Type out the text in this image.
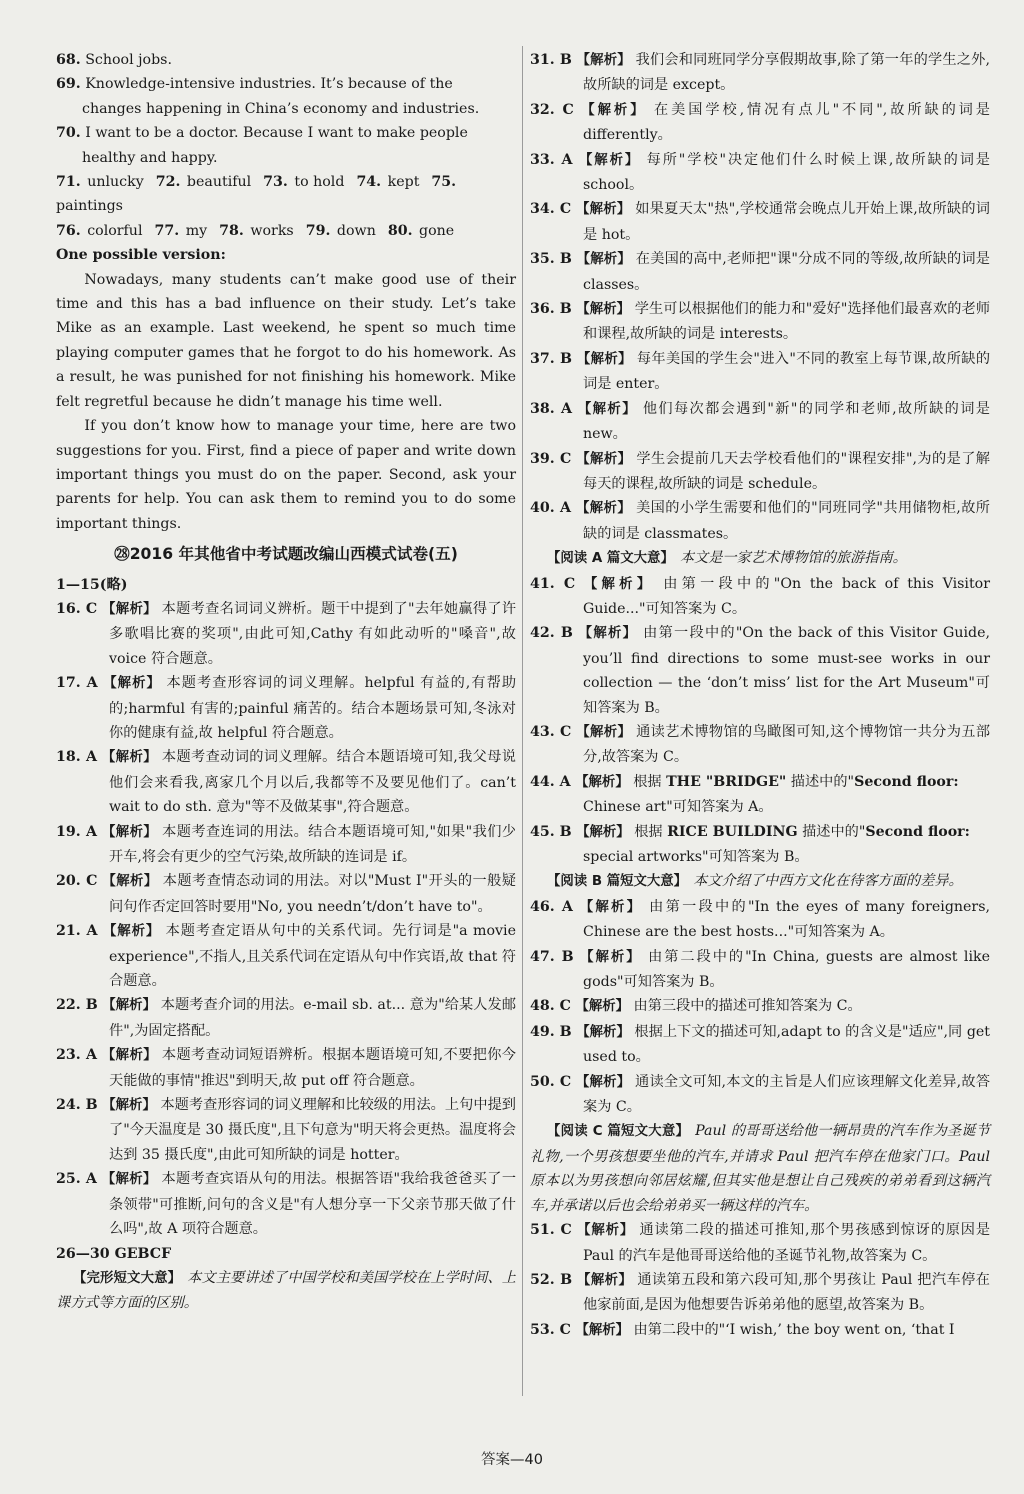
68. School jobs.

69. Knowledge-intensive industries. It’s because of the changes happening in China’s economy and industries.

70. I want to be a doctor. Because I want to make people healthy and happy.

71. unlucky 72. beautiful 73. to hold 74. kept 75. paintings

76. colorful 77. my 78. works 79. down 80. gone

One possible version:

Nowadays, many students can’t make good use of their time and this has a bad influence on their study. Let’s take Mike as an example. Last weekend, he spent so much time playing computer games that he forgot to do his homework. As a result, he was punished for not finishing his homework. Mike felt regretful because he didn’t manage his time well.

If you don’t know how to manage your time, here are two suggestions for you. First, find a piece of paper and write down important things you must do on the paper. Second, ask your parents for help. You can ask them to remind you to do some important things.

㉘2016 年其他省中考试题改编山西模式试卷(五)

1—15(略)

16. C 【解析】 本题考查名词词义辨析。题干中提到了"去年她赢得了许多歌唱比赛的奖项",由此可知,Cathy 有如此动听的"嗓音",故 voice 符合题意。

17. A 【解析】 本题考查形容词的词义理解。helpful 有益的,有帮助的;harmful 有害的;painful 痛苦的。结合本题场景可知,冬泳对你的健康有益,故 helpful 符合题意。

18. A 【解析】 本题考查动词的词义理解。结合本题语境可知,我父母说他们会来看我,离家几个月以后,我都等不及要见他们了。can’t wait to do sth. 意为"等不及做某事",符合题意。

19. A 【解析】 本题考查连词的用法。结合本题语境可知,"如果"我们少开车,将会有更少的空气污染,故所缺的连词是 if。

20. C 【解析】 本题考查情态动词的用法。对以"Must I"开头的一般疑问句作否定回答时要用"No, you needn’t/don’t have to"。

21. A 【解析】 本题考查定语从句中的关系代词。先行词是"a movie experience",不指人,且关系代词在定语从句中作宾语,故 that 符合题意。

22. B 【解析】 本题考查介词的用法。e-mail sb. at... 意为"给某人发邮件",为固定搭配。

23. A 【解析】 本题考查动词短语辨析。根据本题语境可知,不要把你今天能做的事情"推迟"到明天,故 put off 符合题意。

24. B 【解析】 本题考查形容词的词义理解和比较级的用法。上句中提到了"今天温度是 30 摄氏度",且下句意为"明天将会更热。温度将会达到 35 摄氏度",由此可知所缺的词是 hotter。

25. A 【解析】 本题考查宾语从句的用法。根据答语"我给我爸爸买了一条领带"可推断,问句的含义是"有人想分享一下父亲节那天做了什么吗",故 A 项符合题意。

26—30 GEBCF

【完形短文大意】 本文主要讲述了中国学校和美国学校在上学时间、上课方式等方面的区别。

31. B 【解析】 我们会和同班同学分享假期故事,除了第一年的学生之外,故所缺的词是 except。

32. C 【解析】 在美国学校,情况有点儿"不同",故所缺的词是 differently。

33. A 【解析】 每所"学校"决定他们什么时候上课,故所缺的词是 school。

34. C 【解析】 如果夏天太"热",学校通常会晚点儿开始上课,故所缺的词是 hot。

35. B 【解析】 在美国的高中,老师把"课"分成不同的等级,故所缺的词是 classes。

36. B 【解析】 学生可以根据他们的能力和"爱好"选择他们最喜欢的老师和课程,故所缺的词是 interests。

37. B 【解析】 每年美国的学生会"进入"不同的教室上每节课,故所缺的词是 enter。

38. A 【解析】 他们每次都会遇到"新"的同学和老师,故所缺的词是 new。

39. C 【解析】 学生会提前几天去学校看他们的"课程安排",为的是了解每天的课程,故所缺的词是 schedule。

40. A 【解析】 美国的小学生需要和他们的"同班同学"共用储物柜,故所缺的词是 classmates。

【阅读 A 篇文大意】 本文是一家艺术博物馆的旅游指南。

41. C 【解析】 由第一段中的"On the back of this Visitor Guide..."可知答案为 C。

42. B 【解析】 由第一段中的"On the back of this Visitor Guide, you’ll find directions to some must-see works in our collection — the ‘don’t miss’ list for the Art Museum"可知答案为 B。

43. C 【解析】 通读艺术博物馆的鸟瞰图可知,这个博物馆一共分为五部分,故答案为 C。

44. A 【解析】 根据 THE "BRIDGE" 描述中的"Second floor: Chinese art"可知答案为 A。

45. B 【解析】 根据 RICE BUILDING 描述中的"Second floor: special artworks"可知答案为 B。

【阅读 B 篇短文大意】 本文介绍了中西方文化在待客方面的差异。

46. A 【解析】 由第一段中的"In the eyes of many foreigners, Chinese are the best hosts..."可知答案为 A。

47. B 【解析】 由第二段中的"In China, guests are almost like gods"可知答案为 B。

48. C 【解析】 由第三段中的描述可推知答案为 C。

49. B 【解析】 根据上下文的描述可知,adapt to 的含义是"适应",同 get used to。

50. C 【解析】 通读全文可知,本文的主旨是人们应该理解文化差异,故答案为 C。

【阅读 C 篇短文大意】 Paul 的哥哥送给他一辆昂贵的汽车作为圣诞节礼物,一个男孩想要坐他的汽车,并请求 Paul 把汽车停在他家门口。Paul 原本以为男孩想向邻居炫耀,但其实他是想让自己残疾的弟弟看到这辆汽车,并承诺以后也会给弟弟买一辆这样的汽车。

51. C 【解析】 通读第二段的描述可推知,那个男孩感到惊讶的原因是 Paul 的汽车是他哥哥送给他的圣诞节礼物,故答案为 C。

52. B 【解析】 通读第五段和第六段可知,那个男孩让 Paul 把汽车停在他家前面,是因为他想要告诉弟弟他的愿望,故答案为 B。

53. C 【解析】 由第二段中的"‘I wish,’ the boy went on, ‘that I

答案—40
